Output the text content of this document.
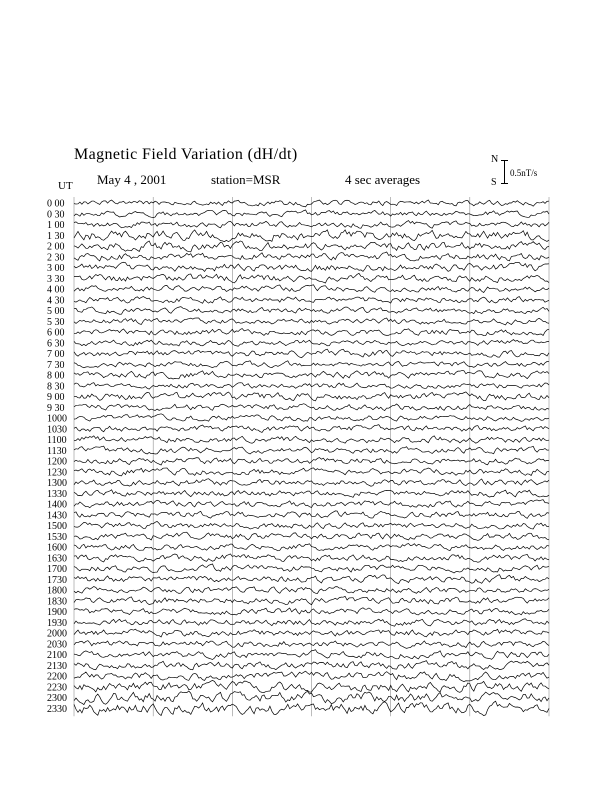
Magnetic Field Variation (dH/dt)
May 4 , 2001	station=MSR	4 sec averages
UT
N
S
0.5nT/s
0 00
0 30
1 00
1 30
2 00
2 30
3 00
3 30
4 00
4 30
5 00
5 30
6 00
6 30
7 00
7 30
8 00
8 30
9 00
9 30
1000
1030
1100
1130
1200
1230
1300
1330
1400
1430
1500
1530
1600
1630
1700
1730
1800
1830
1900
1930
2000
2030
2100
2130
2200
2230
2300
2330
